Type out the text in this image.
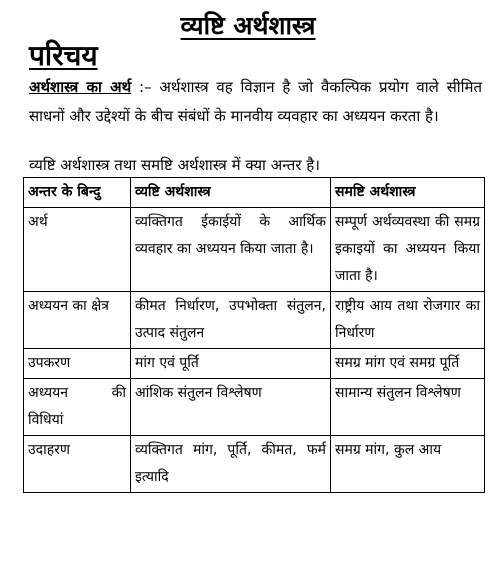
व्यष्टि अर्थशास्त्र
परिचय
अर्थशास्त्र का अर्थ :– अर्थशास्त्र वह विज्ञान है जो वैकल्पिक प्रयोग वाले सीमित साधनों और उद्देश्यों के बीच संबंधों के मानवीय व्यवहार का अध्ययन करता है।
व्यष्टि अर्थशास्त्र तथा समष्टि अर्थशास्त्र में क्या अन्तर है।
अन्तर के बिन्दु	व्यष्टि अर्थशास्त्र	समष्टि अर्थशास्त्र
अर्थ	व्यक्तिगत ईकाईयों के आर्थिक व्यवहार का अध्ययन किया जाता है।	सम्पूर्ण अर्थव्यवस्था की समग्र इकाइयों का अध्ययन किया जाता है।
अध्ययन का क्षेत्र	कीमत निर्धारण, उपभोक्ता संतुलन, उत्पाद संतुलन	राष्ट्रीय आय तथा रोजगार का निर्धारण
उपकरण	मांग एवं पूर्ति	समग्र मांग एवं समग्र पूर्ति
अध्ययन की विधियां	आंशिक संतुलन विश्लेषण	सामान्य संतुलन विश्लेषण
उदाहरण	व्यक्तिगत मांग, पूर्ति, कीमत, फर्म इत्यादि	समग्र मांग, कुल आय
